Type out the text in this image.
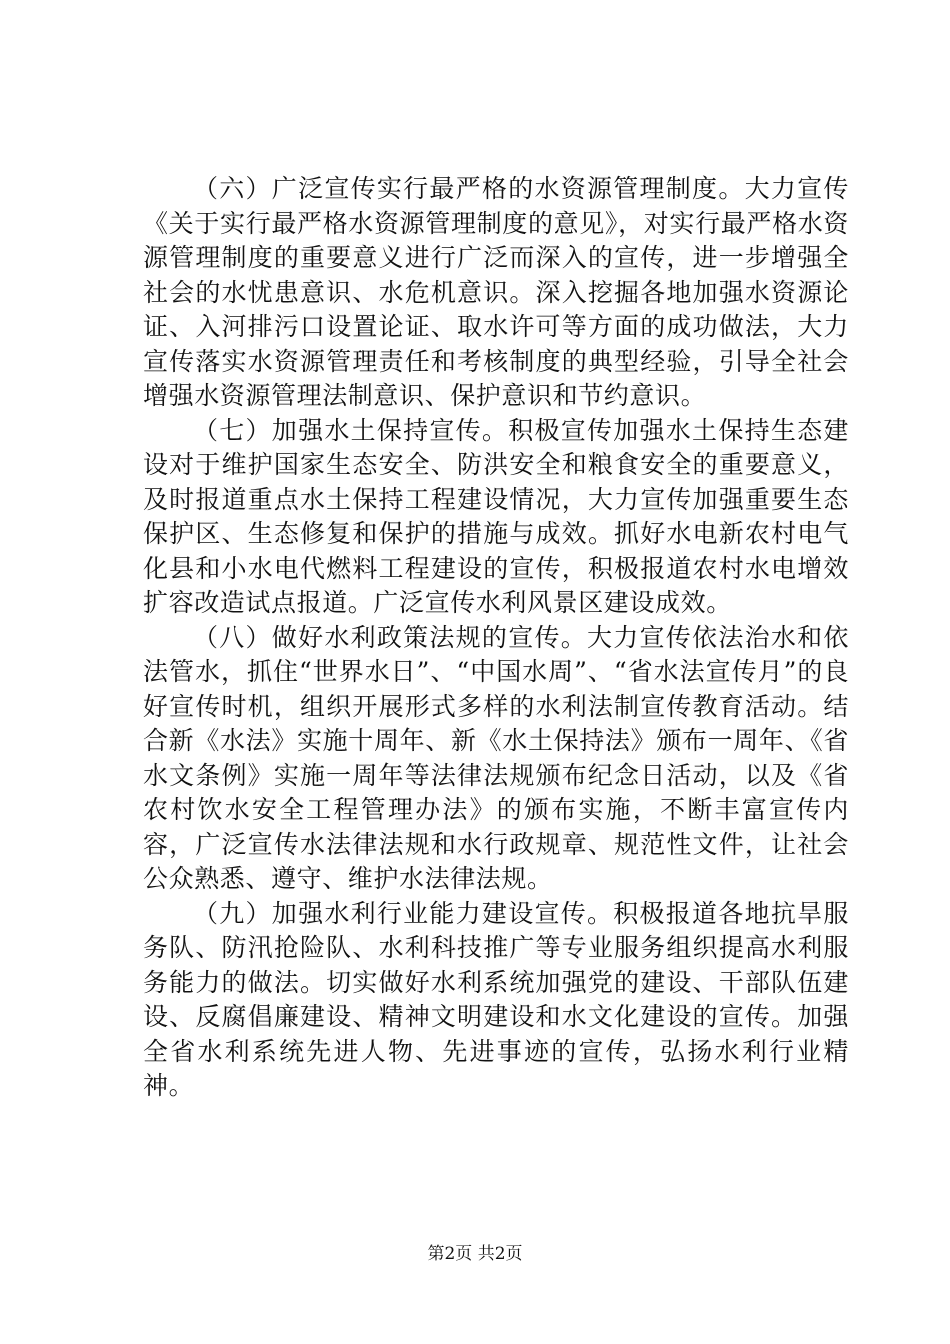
（六）广泛宣传实行最严格的水资源管理制度。大力宣传《关于实行最严格水资源管理制度的意见》，对实行最严格水资源管理制度的重要意义进行广泛而深入的宣传，进一步增强全社会的水忧患意识、水危机意识。深入挖掘各地加强水资源论证、入河排污口设置论证、取水许可等方面的成功做法，大力宣传落实水资源管理责任和考核制度的典型经验，引导全社会增强水资源管理法制意识、保护意识和节约意识。

（七）加强水土保持宣传。积极宣传加强水土保持生态建设对于维护国家生态安全、防洪安全和粮食安全的重要意义，及时报道重点水土保持工程建设情况，大力宣传加强重要生态保护区、生态修复和保护的措施与成效。抓好水电新农村电气化县和小水电代燃料工程建设的宣传，积极报道农村水电增效扩容改造试点报道。广泛宣传水利风景区建设成效。

（八）做好水利政策法规的宣传。大力宣传依法治水和依法管水，抓住“世界水日”、“中国水周”、“省水法宣传月”的良好宣传时机，组织开展形式多样的水利法制宣传教育活动。结合新《水法》实施十周年、新《水土保持法》颁布一周年、《省水文条例》实施一周年等法律法规颁布纪念日活动，以及《省农村饮水安全工程管理办法》的颁布实施，不断丰富宣传内容，广泛宣传水法律法规和水行政规章、规范性文件，让社会公众熟悉、遵守、维护水法律法规。

（九）加强水利行业能力建设宣传。积极报道各地抗旱服务队、防汛抢险队、水利科技推广等专业服务组织提高水利服务能力的做法。切实做好水利系统加强党的建设、干部队伍建设、反腐倡廉建设、精神文明建设和水文化建设的宣传。加强全省水利系统先进人物、先进事迹的宣传，弘扬水利行业精神。

第2页 共2页
